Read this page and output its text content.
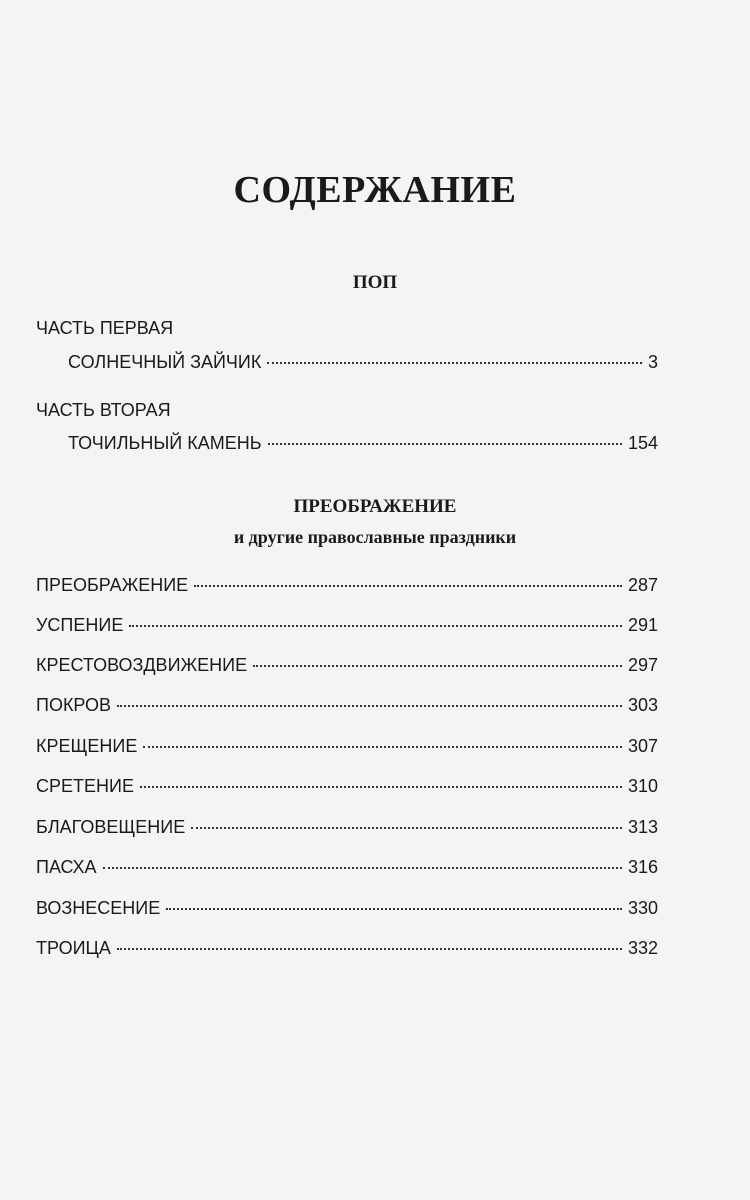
СОДЕРЖАНИЕ
ПОП
ЧАСТЬ ПЕРВАЯ
СОЛНЕЧНЫЙ ЗАЙЧИК	3
ЧАСТЬ ВТОРАЯ
ТОЧИЛЬНЫЙ КАМЕНЬ	154
ПРЕОБРАЖЕНИЕ
и другие православные праздники
ПРЕОБРАЖЕНИЕ	287
УСПЕНИЕ	291
КРЕСТОВОЗДВИЖЕНИЕ	297
ПОКРОВ	303
КРЕЩЕНИЕ	307
СРЕТЕНИЕ	310
БЛАГОВЕЩЕНИЕ	313
ПАСХА	316
ВОЗНЕСЕНИЕ	330
ТРОИЦА	332
